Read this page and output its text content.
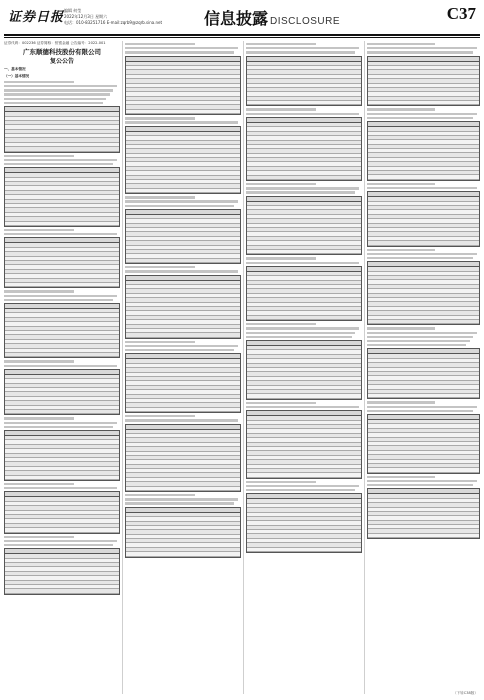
证券日报 编辑 何莹
2022年12月3日 星期六
电话：010-83251716 E-mail:zqrb9@zqrb.sina.net	信息披露 DISCLOSURE	C37
证券代码：002236 证券简称：恒银金融 公告编号：2022-001
广东顺德科技股份有限公司
复公公告
一、基本情况
（一）基本情况
（下转C38版）
